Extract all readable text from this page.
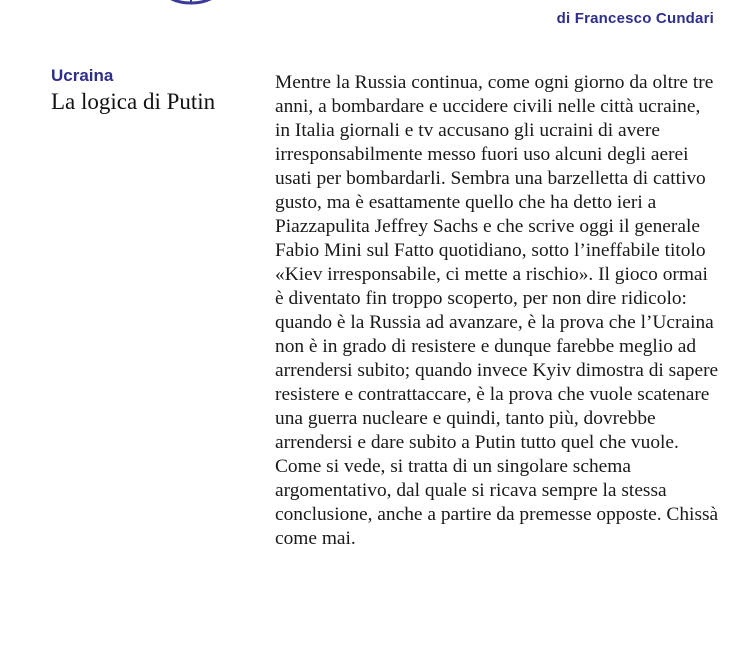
di Francesco Cundari
Ucraina
La logica di Putin

Mentre la Russia continua, come ogni giorno da oltre tre anni, a bombardare e uccidere civili nelle città ucraine, in Italia giornali e tv accusano gli ucraini di avere irresponsabilmente messo fuori uso alcuni degli aerei usati per bombardarli. Sembra una barzelletta di cattivo gusto, ma è esattamente quello che ha detto ieri a Piazzapulita Jeffrey Sachs e che scrive oggi il generale Fabio Mini sul Fatto quotidiano, sotto l’ineffabile titolo «Kiev irresponsabile, ci mette a rischio». Il gioco ormai è diventato fin troppo scoperto, per non dire ridicolo: quando è la Russia ad avanzare, è la prova che l’Ucraina non è in grado di resistere e dunque farebbe meglio ad arrendersi subito; quando invece Kyiv dimostra di sapere resistere e contrattaccare, è la prova che vuole scatenare una guerra nucleare e quindi, tanto più, dovrebbe arrendersi e dare subito a Putin tutto quel che vuole. Come si vede, si tratta di un singolare schema argomentativo, dal quale si ricava sempre la stessa conclusione, anche a partire da premesse opposte. Chissà come mai.
